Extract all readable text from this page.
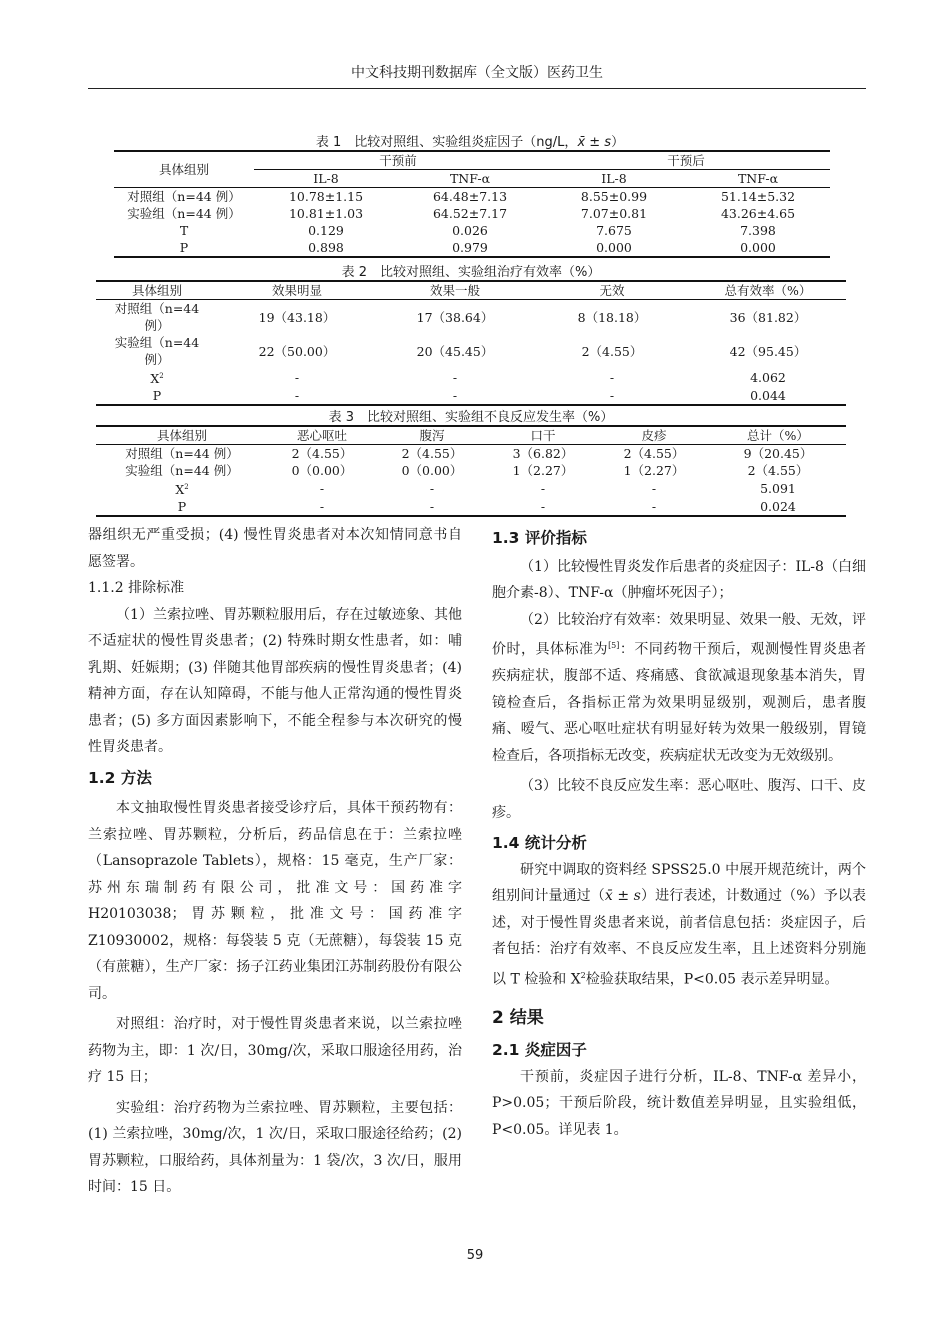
中文科技期刊数据库（全文版）医药卫生
表 1　比较对照组、实验组炎症因子（ng/L，x̄ ± s）
具体组别	干预前		干预后	
	IL-8	TNF-α	IL-8	TNF-α
对照组（n=44 例）	10.78±1.15	64.48±7.13	8.55±0.99	51.14±5.32
实验组（n=44 例）	10.81±1.03	64.52±7.17	7.07±0.81	43.26±4.65
T	0.129	0.026	7.675	7.398
P	0.898	0.979	0.000	0.000
表 2　比较对照组、实验组治疗有效率（%）
具体组别	效果明显	效果一般	无效	总有效率（%）

对照组（n=44
例）	19（43.18）	17（38.64）	8（18.18）	36（81.82）

实验组（n=44
例）	22（50.00）	20（45.45）	2（4.55）	42（95.45）
$X^2$	-	-	-	4.062
P	-	-	-	0.044
表 3　比较对照组、实验组不良反应发生率（%）
具体组别	恶心呕吐	腹泻	口干	皮疹	总计（%）
对照组（n=44 例）	2（4.55）	2（4.55）	3（6.82）	2（4.55）	9（20.45）
实验组（n=44 例）	0（0.00）	0（0.00）	1（2.27）	1（2.27）	2（4.55）
$X^2$	-	-	-	-	5.091
P	-	-	-	-	0.024

器组织无严重受损；(4) 慢性胃炎患者对本次知情同意书自愿签署。

1.1.2 排除标准

（1）兰索拉唑、胃苏颗粒服用后，存在过敏迹象、其他不适症状的慢性胃炎患者；(2) 特殊时期女性患者，如：哺乳期、妊娠期；(3) 伴随其他胃部疾病的慢性胃炎患者；(4) 精神方面，存在认知障碍，不能与他人正常沟通的慢性胃炎患者；(5) 多方面因素影响下，不能全程参与本次研究的慢性胃炎患者。

1.2 方法

本文抽取慢性胃炎患者接受诊疗后，具体干预药物有：兰索拉唑、胃苏颗粒，分析后，药品信息在于：兰索拉唑（Lansoprazole Tablets），规格：15 毫克，生产厂家：苏州东瑞制药有限公司，批准文号：国药准字 H20103038；胃苏颗粒，批准文号：国药准字 Z10930002，规格：每袋装 5 克（无蔗糖），每袋装 15 克（有蔗糖），生产厂家：扬子江药业集团江苏制药股份有限公司。

对照组：治疗时，对于慢性胃炎患者来说，以兰索拉唑药物为主，即：1 次/日，30mg/次，采取口服途径用药，治疗 15 日；

实验组：治疗药物为兰索拉唑、胃苏颗粒，主要包括：(1) 兰索拉唑，30mg/次，1 次/日，采取口服途径给药；(2) 胃苏颗粒，口服给药，具体剂量为：1 袋/次，3 次/日，服用时间：15 日。

1.3 评价指标

（1）比较慢性胃炎发作后患者的炎症因子：IL-8（白细胞介素-8）、TNF-α（肿瘤坏死因子）；

（2）比较治疗有效率：效果明显、效果一般、无效，评价时，具体标准为[5]：不同药物干预后，观测慢性胃炎患者疾病症状，腹部不适、疼痛感、食欲减退现象基本消失，胃镜检查后，各指标正常为效果明显级别，观测后，患者腹痛、嗳气、恶心呕吐症状有明显好转为效果一般级别，胃镜检查后，各项指标无改变，疾病症状无改变为无效级别。

（3）比较不良反应发生率：恶心呕吐、腹泻、口干、皮疹。

1.4 统计分析

研究中调取的资料经 SPSS25.0 中展开规范统计，两个组别间计量通过（x̄ ± s）进行表述，计数通过（%）予以表述，对于慢性胃炎患者来说，前者信息包括：炎症因子，后者包括：治疗有效率、不良反应发生率，且上述资料分别施以 T 检验和 $X^2$检验获取结果，P<0.05 表示差异明显。

2 结果

2.1 炎症因子

干预前，炎症因子进行分析，IL-8、TNF-α 差异小，P>0.05；干预后阶段，统计数值差异明显，且实验组低，P<0.05。详见表 1。

59
